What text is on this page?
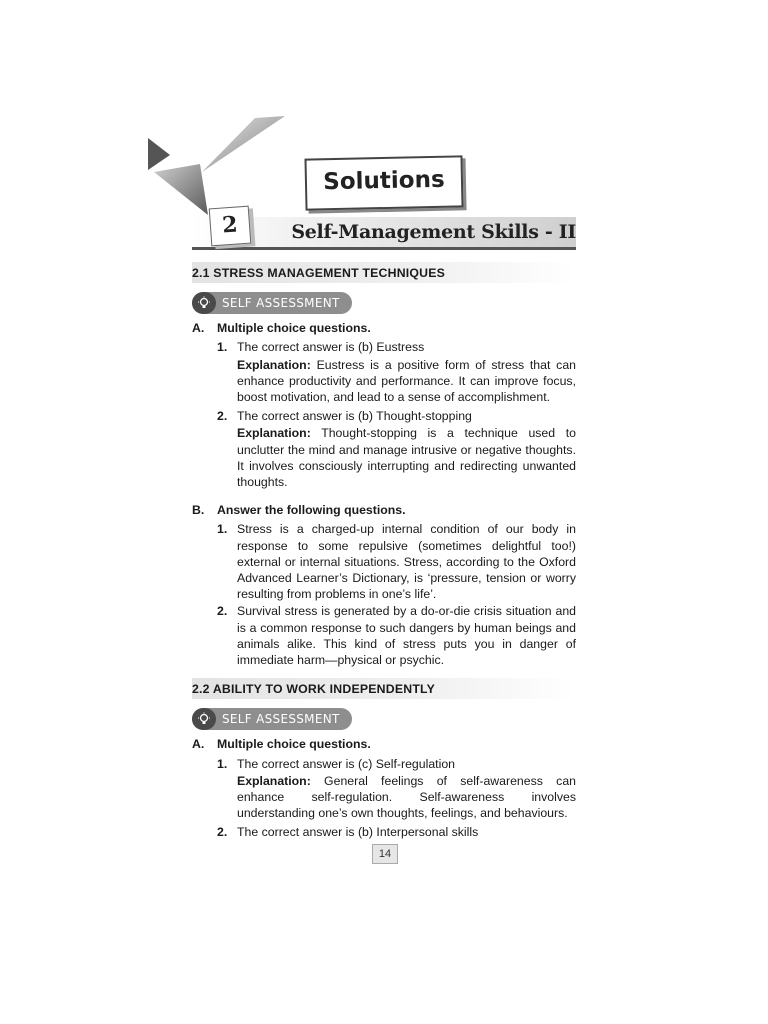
Solutions
2	Self-Management Skills - II
2.1 STRESS MANAGEMENT TECHNIQUES
SELF ASSESSMENT
A.	Multiple choice questions.
1. The correct answer is (b) Eustress
Explanation: Eustress is a positive form of stress that can enhance productivity and performance. It can improve focus, boost motivation, and lead to a sense of accomplishment.
2. The correct answer is (b) Thought-stopping
Explanation: Thought-stopping is a technique used to unclutter the mind and manage intrusive or negative thoughts. It involves consciously interrupting and redirecting unwanted thoughts.
B.	Answer the following questions.
1. Stress is a charged-up internal condition of our body in response to some repulsive (sometimes delightful too!) external or internal situations. Stress, according to the Oxford Advanced Learner’s Dictionary, is ‘pressure, tension or worry resulting from problems in one’s life’.
2. Survival stress is generated by a do-or-die crisis situation and is a common response to such dangers by human beings and animals alike. This kind of stress puts you in danger of immediate harm—physical or psychic.
2.2 ABILITY TO WORK INDEPENDENTLY
SELF ASSESSMENT
A.	Multiple choice questions.
1. The correct answer is (c) Self-regulation
Explanation: General feelings of self-awareness can enhance self-regulation. Self-awareness involves understanding one’s own thoughts, feelings, and behaviours.
2. The correct answer is (b) Interpersonal skills
14
